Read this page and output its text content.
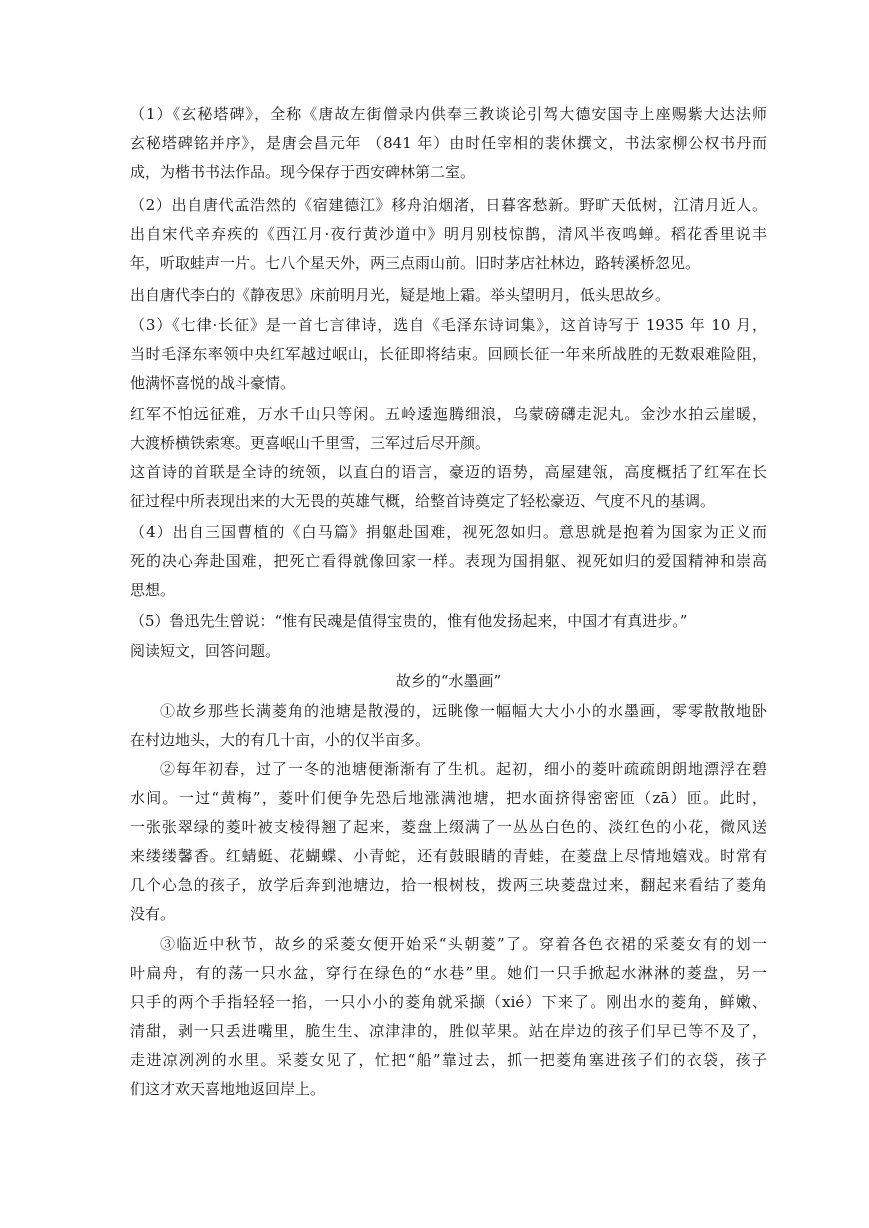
（1）《玄秘塔碑》，全称《唐故左街僧录内供奉三教谈论引驾大德安国寺上座赐紫大达法师
玄秘塔碑铭并序》，是唐会昌元年 （841 年）由时任宰相的裴休撰文，书法家柳公权书丹而
成，为楷书书法作品。现今保存于西安碑林第二室。
（2）出自唐代孟浩然的《宿建德江》移舟泊烟渚，日暮客愁新。野旷天低树，江清月近人。
出自宋代辛弃疾的《西江月·夜行黄沙道中》明月别枝惊鹊，清风半夜鸣蝉。稻花香里说丰
年，听取蛙声一片。七八个星天外，两三点雨山前。旧时茅店社林边，路转溪桥忽见。
出自唐代李白的《静夜思》床前明月光，疑是地上霜。举头望明月，低头思故乡。
（3）《七律·长征》是一首七言律诗，选自《毛泽东诗词集》，这首诗写于 1935 年 10 月，
当时毛泽东率领中央红军越过岷山，长征即将结束。回顾长征一年来所战胜的无数艰难险阻，
他满怀喜悦的战斗豪情。
红军不怕远征难，万水千山只等闲。五岭逶迤腾细浪，乌蒙磅礴走泥丸。金沙水拍云崖暖，
大渡桥横铁索寒。更喜岷山千里雪，三军过后尽开颜。
这首诗的首联是全诗的统领，以直白的语言，豪迈的语势，高屋建瓴，高度概括了红军在长
征过程中所表现出来的大无畏的英雄气概，给整首诗奠定了轻松豪迈、气度不凡的基调。
（4）出自三国曹植的《白马篇》捐躯赴国难，视死忽如归。意思就是抱着为国家为正义而
死的决心奔赴国难，把死亡看得就像回家一样。表现为国捐躯、视死如归的爱国精神和崇高
思想。
（5）鲁迅先生曾说：“惟有民魂是值得宝贵的，惟有他发扬起来，中国才有真进步。”
阅读短文，回答问题。
故乡的“水墨画”
①故乡那些长满菱角的池塘是散漫的，远眺像一幅幅大大小小的水墨画，零零散散地卧
在村边地头，大的有几十亩，小的仅半亩多。
②每年初春，过了一冬的池塘便渐渐有了生机。起初，细小的菱叶疏疏朗朗地漂浮在碧
水间。一过“黄梅”，菱叶们便争先恐后地涨满池塘，把水面挤得密密匝（zā）匝。此时，
一张张翠绿的菱叶被支棱得翘了起来，菱盘上缀满了一丛丛白色的、淡红色的小花，微风送
来缕缕馨香。红蜻蜓、花蝴蝶、小青蛇，还有鼓眼睛的青蛙，在菱盘上尽情地嬉戏。时常有
几个心急的孩子，放学后奔到池塘边，拾一根树枝，拨两三块菱盘过来，翻起来看结了菱角
没有。
③临近中秋节，故乡的采菱女便开始采“头朝菱”了。穿着各色衣裙的采菱女有的划一
叶扁舟，有的荡一只水盆，穿行在绿色的“水巷”里。她们一只手掀起水淋淋的菱盘，另一
只手的两个手指轻轻一掐，一只小小的菱角就采撷（xié）下来了。刚出水的菱角，鲜嫩、
清甜，剥一只丢进嘴里，脆生生、凉津津的，胜似苹果。站在岸边的孩子们早已等不及了，
走进凉冽冽的水里。采菱女见了，忙把“船”靠过去，抓一把菱角塞进孩子们的衣袋，孩子
们这才欢天喜地地返回岸上。
